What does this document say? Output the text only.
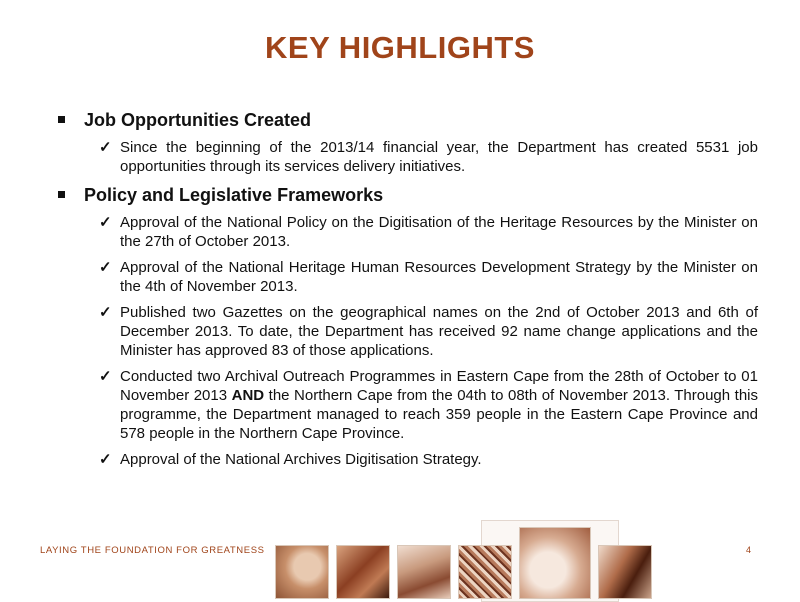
KEY HIGHLIGHTS
Job Opportunities Created
✓ Since the beginning of the 2013/14 financial year, the Department has created 5531 job opportunities through its services delivery initiatives.
Policy and Legislative Frameworks
✓ Approval of the National Policy on the Digitisation of the Heritage Resources by the Minister on the 27th of October 2013.
✓ Approval of the National Heritage Human Resources Development Strategy by the Minister on the 4th of November 2013.
✓ Published two Gazettes on the geographical names on the 2nd of October 2013 and 6th of December 2013. To date, the Department has received 92 name change applications and the Minister has approved 83 of those applications.
✓ Conducted two Archival Outreach Programmes in Eastern Cape from the 28th of October to 01 November 2013 AND the Northern Cape from the 04th to 08th of November 2013. Through this programme, the Department managed to reach 359 people in the Eastern Cape Province and 578 people in the Northern Cape Province.
✓ Approval of the National Archives Digitisation Strategy.
LAYING THE FOUNDATION FOR GREATNESS	4
